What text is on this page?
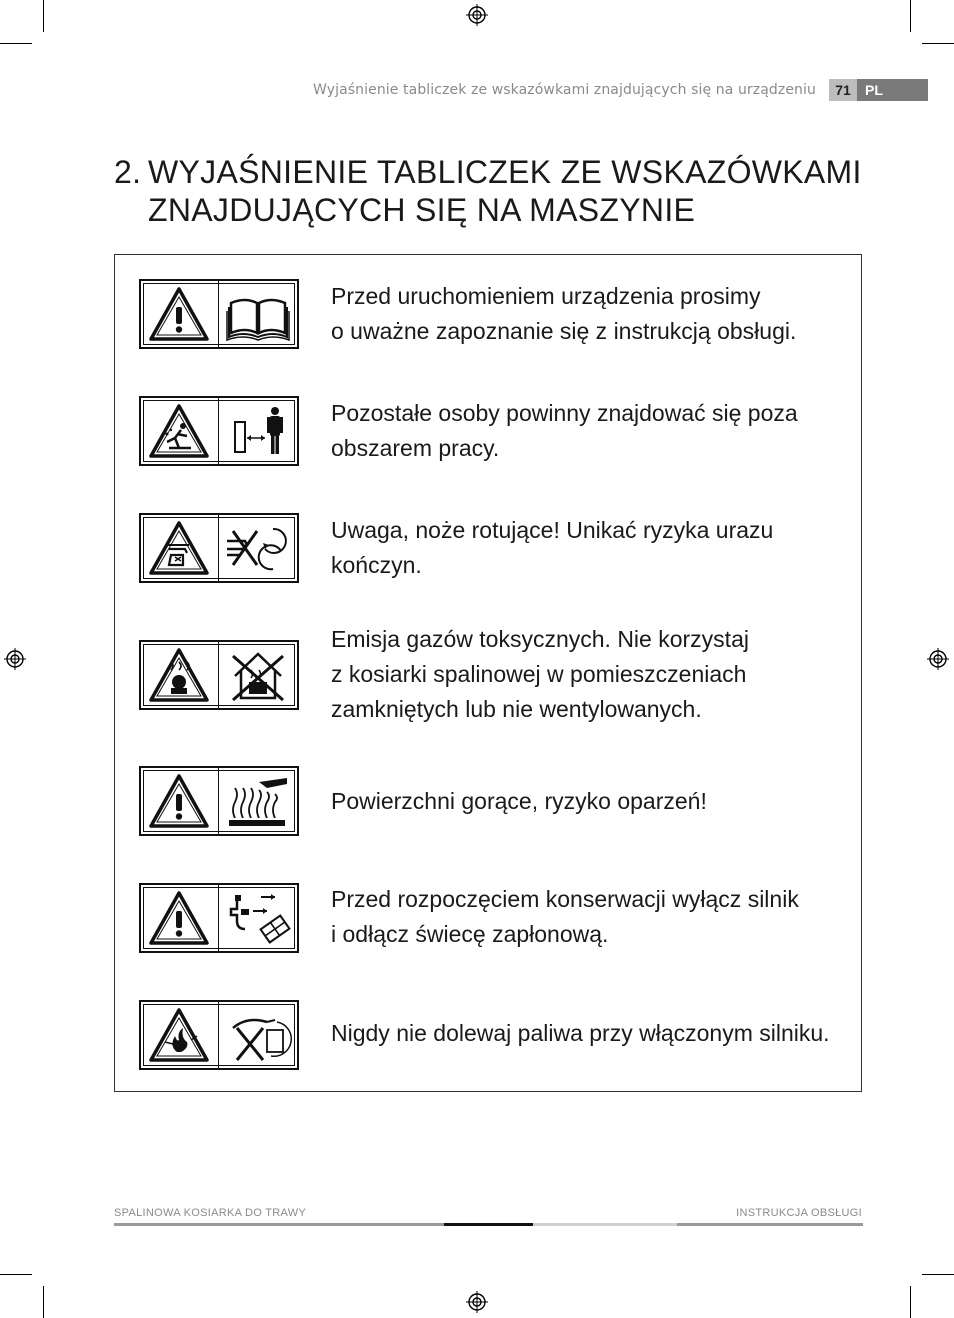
Wyjaśnienie tabliczek ze wskazówkami znajdujących się na urządzeniu	71	PL
2. WYJAŚNIENIE TABLICZEK ZE WSKAZÓWKAMI
ZNAJDUJĄCYCH SIĘ NA MASZYNIE
Przed uruchomieniem urządzenia prosimy
o uważne zapoznanie się z instrukcją obsługi.
Pozostałe osoby powinny znajdować się poza
obszarem pracy.
Uwaga, noże rotujące! Unikać ryzyka urazu
kończyn.
Emisja gazów toksycznych. Nie korzystaj
z kosiarki spalinowej w pomieszczeniach
zamkniętych lub nie wentylowanych.
Powierzchni gorące, ryzyko oparzeń!
Przed rozpoczęciem konserwacji wyłącz silnik
i odłącz świecę zapłonową.
Nigdy nie dolewaj paliwa przy włączonym silniku.
SPALINOWA KOSIARKA DO TRAWY	INSTRUKCJA OBSŁUGI
